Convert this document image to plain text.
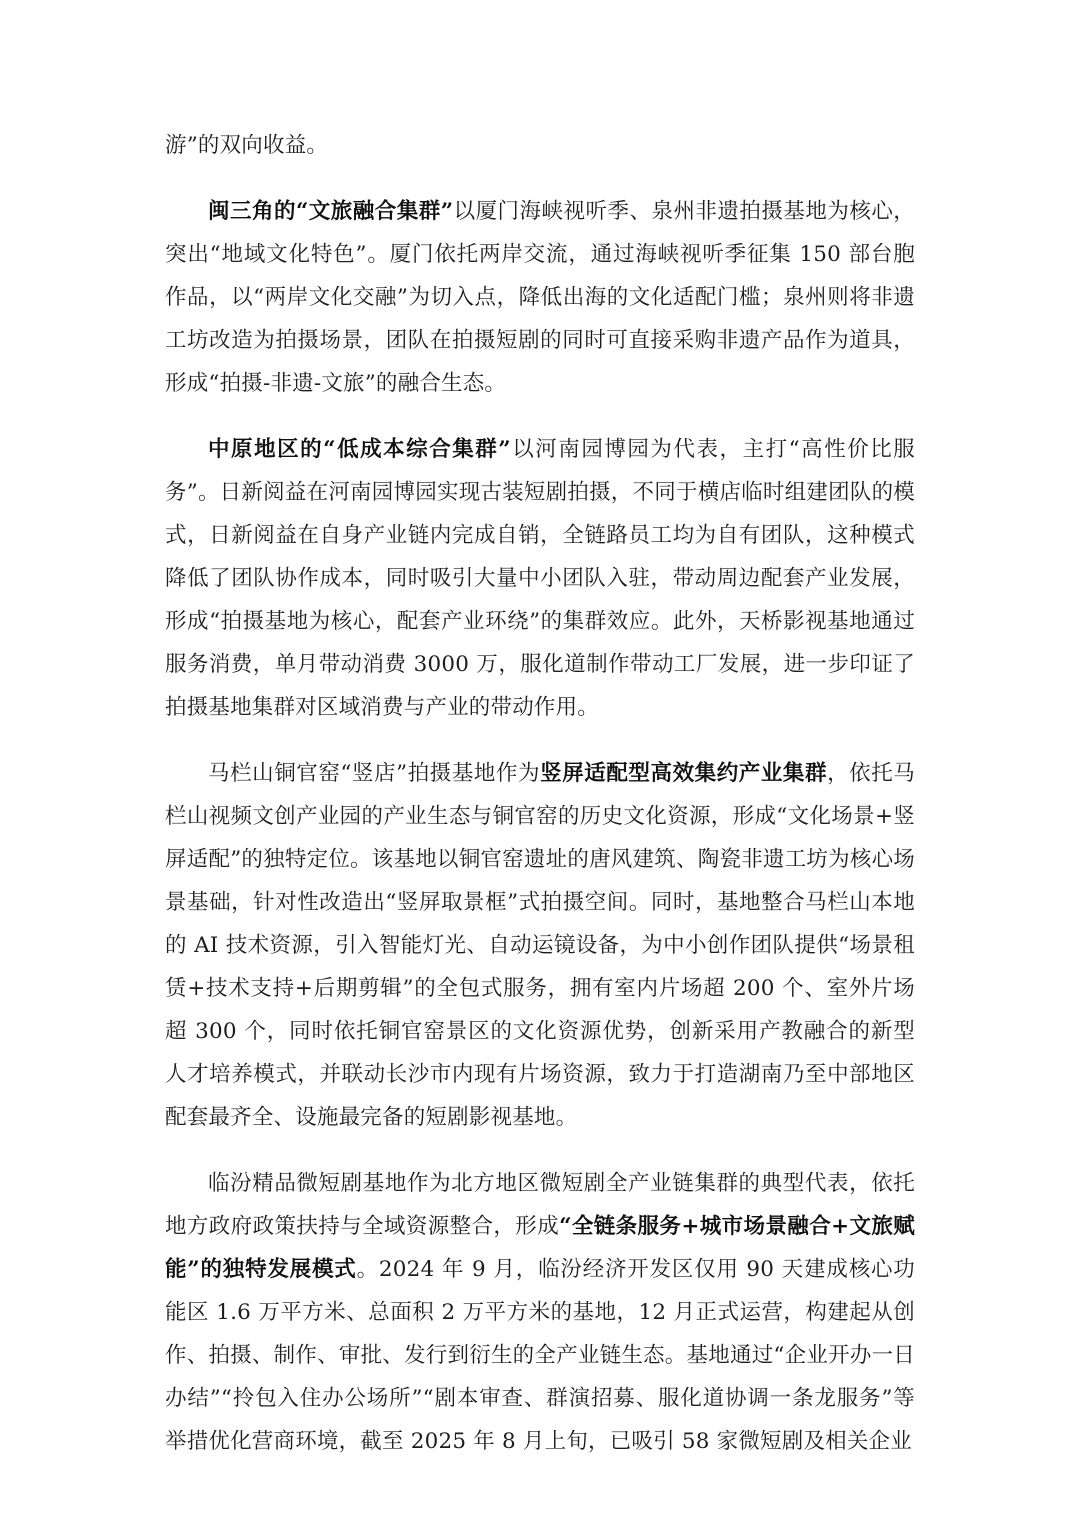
游”的双向收益。

闽三角的“文旅融合集群”以厦门海峡视听季、泉州非遗拍摄基地为核心，突出“地域文化特色”。厦门依托两岸交流，通过海峡视听季征集 150 部台胞作品，以“两岸文化交融”为切入点，降低出海的文化适配门槛；泉州则将非遗工坊改造为拍摄场景，团队在拍摄短剧的同时可直接采购非遗产品作为道具，形成“拍摄-非遗-文旅”的融合生态。

中原地区的“低成本综合集群”以河南园博园为代表，主打“高性价比服务”。日新阅益在河南园博园实现古装短剧拍摄，不同于横店临时组建团队的模式，日新阅益在自身产业链内完成自销，全链路员工均为自有团队，这种模式降低了团队协作成本，同时吸引大量中小团队入驻，带动周边配套产业发展，形成“拍摄基地为核心，配套产业环绕”的集群效应。此外，天桥影视基地通过服务消费，单月带动消费 3000 万，服化道制作带动工厂发展，进一步印证了拍摄基地集群对区域消费与产业的带动作用。

马栏山铜官窑“竖店”拍摄基地作为竖屏适配型高效集约产业集群，依托马栏山视频文创产业园的产业生态与铜官窑的历史文化资源，形成“文化场景+竖屏适配”的独特定位。该基地以铜官窑遗址的唐风建筑、陶瓷非遗工坊为核心场景基础，针对性改造出“竖屏取景框”式拍摄空间。同时，基地整合马栏山本地的 AI 技术资源，引入智能灯光、自动运镜设备，为中小创作团队提供“场景租赁+技术支持+后期剪辑”的全包式服务，拥有室内片场超 200 个、室外片场超 300 个，同时依托铜官窑景区的文化资源优势，创新采用产教融合的新型人才培养模式，并联动长沙市内现有片场资源，致力于打造湖南乃至中部地区配套最齐全、设施最完备的短剧影视基地。

临汾精品微短剧基地作为北方地区微短剧全产业链集群的典型代表，依托地方政府政策扶持与全域资源整合，形成“全链条服务+城市场景融合+文旅赋能”的独特发展模式。2024 年 9 月，临汾经济开发区仅用 90 天建成核心功能区 1.6 万平方米、总面积 2 万平方米的基地，12 月正式运营，构建起从创作、拍摄、制作、审批、发行到衍生的全产业链生态。基地通过“企业开办一日办结”“拎包入住办公场所”“剧本审查、群演招募、服化道协调一条龙服务”等举措优化营商环境，截至 2025 年 8 月上旬，已吸引 58 家微短剧及相关企业
